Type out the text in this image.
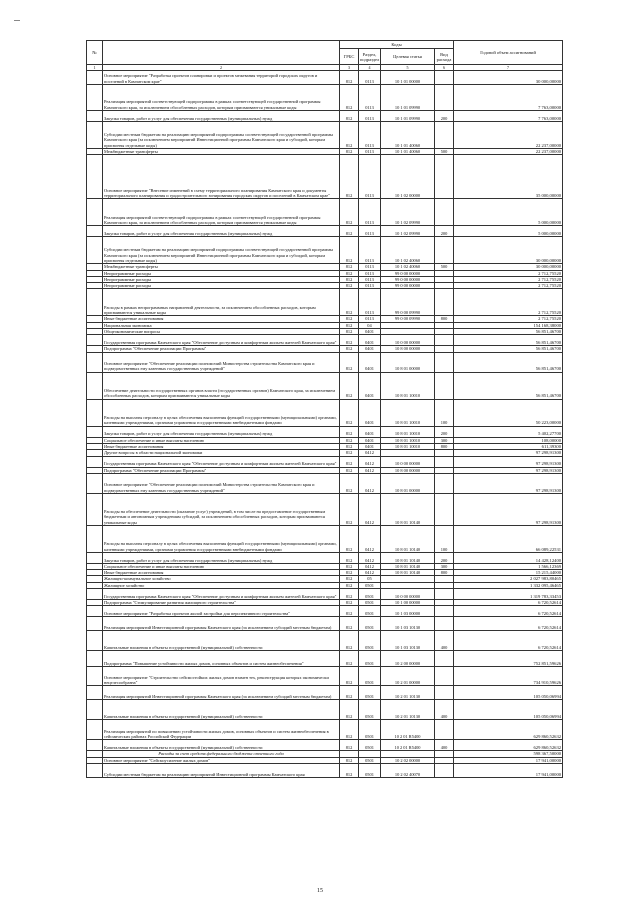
№		Коды				Годовой объем ассигнований
		ГРБС	Раздел, подраздел	Целевая статья	Вид расхода	
1	2	3	4	5	6	7
	Основное мероприятие "Разработка проектов планировки и проектов межевания территорий городских округов и поселений в Камчатском крае"	812	0113	10 1 01 00000		30 000,00000
	Реализация мероприятий соответствующей подпрограммы в рамках соответствующей государственной программы Камчатского края, за исключением обособленных расходов, которым присваиваются уникальные коды	812	0113	10 1 01 09990		7 763,00000
	Закупка товаров, работ и услуг для обеспечения государственных (муниципальных) нужд	812	0113	10 1 01 09990	200	7 763,00000
	Субсидии местным бюджетам на реализацию мероприятий подпрограммы соответствующей государственной программы Камчатского края (за исключением мероприятий Инвестиционной программы Камчатского края и субсидий, которым присвоены отдельные коды)	812	0113	10 1 01 40060		22 237,00000
	Межбюджетные трансферты	812	0113	10 1 01 40060	500	22 237,00000
	Основное мероприятие "Внесение изменений в схему территориального планирования Камчатского края и документы территориального планирования и градостроительного зонирования городских округов и поселений в Камчатском крае"	812	0113	10 1 02 00000		35 000,00000
	Реализация мероприятий соответствующей подпрограммы в рамках соответствующей государственной программы Камчатского края, за исключением обособленных расходов, которым присваиваются уникальные коды	812	0113	10 1 02 09990		5 000,00000
	Закупка товаров, работ и услуг для обеспечения государственных (муниципальных) нужд	812	0113	10 1 02 09990	200	5 000,00000
	Субсидии местным бюджетам на реализацию мероприятий подпрограммы соответствующей государственной программы Камчатского края (за исключением мероприятий Инвестиционной программы Камчатского края и субсидий, которым присвоены отдельные коды)	812	0113	10 1 02 40060		30 000,00000
	Межбюджетные трансферты	812	0113	10 1 02 40060	500	30 000,00000
	Непрограммные расходы	812	0113	99 0 00 00000		2 712,75520
	Непрограммные расходы	812	0113	99 0 00 00000		2 712,75520
	Непрограммные расходы	812	0113	99 0 00 00000		2 712,75520
	Расходы в рамках непрограммных направлений деятельности, за исключением обособленных расходов, которым присваиваются уникальные коды	812	0113	99 0 00 09990		2 712,75520
	Иные бюджетные ассигнования	812	0113	99 0 00 09990	800	2 712,75520
	Национальная экономика	812	04			154 168,38000
	Общеэкономические вопросы	812	0401			56 851,46700
	Государственная программа Камчатского края "Обеспечение доступным и комфортным жильем жителей Камчатского края"	812	0401	10 0 00 00000		56 851,46700
	Подпрограмма "Обеспечение реализации Программы"	812	0401	10 8 00 00000		56 851,46700
	Основное мероприятие "Обеспечение реализации полномочий Министерства строительства Камчатского края и подведомственных ему казенных государственных учреждений"	812	0401	10 8 01 00000		56 851,46700
	Обеспечение деятельности государственных органов власти (государственных органов) Камчатского края, за исключением обособленных расходов, которым присваиваются уникальные коды	812	0401	10 8 01 10010		56 851,46700
	Расходы на выплаты персоналу в целях обеспечения выполнения функций государственными (муниципальными) органами, казенными учреждениями, органами управления государственными внебюджетными фондами	812	0401	10 8 01 10010	100	50 223,00000
	Закупка товаров, работ и услуг для обеспечения государственных (муниципальных) нужд	812	0401	10 8 01 10010	200	5 402,27700
	Социальное обеспечение и иные выплаты населению	812	0401	10 8 01 10010	300	108,00000
	Иные бюджетные ассигнования	812	0401	10 8 01 10010	800	611,39300
	Другие вопросы в области национальной экономики	812	0412			97 298,91300
	Государственная программа Камчатского края "Обеспечение доступным и комфортным жильем жителей Камчатского края"	812	0412	10 0 00 00000		97 298,91300
	Подпрограмма "Обеспечение реализации Программы"	812	0412	10 8 00 00000		97 298,91300
	Основное мероприятие "Обеспечение реализации полномочий Министерства строительства Камчатского края и подведомственных ему казенных государственных учреждений"	812	0412	10 8 01 00000		97 298,91300
	Расходы на обеспечение деятельности (оказание услуг) учреждений, в том числе на предоставление государственным бюджетным и автономным учреждениям субсидий, за исключением обособленных расходов, которым присваиваются уникальные коды	812	0412	10 8 01 10140		97 298,91300
	Расходы на выплаты персоналу в целях обеспечения выполнения функций государственными (муниципальными) органами, казенными учреждениями, органами управления государственными внебюджетными фондами	812	0412	10 8 01 10140	100	66 089,22531
	Закупка товаров, работ и услуг для обеспечения государственных (муниципальных) нужд	812	0412	10 8 01 10140	200	14 428,12400
	Социальное обеспечение и иные выплаты населению	812	0412	10 8 01 10140	300	1 566,12369
	Иные бюджетные ассигнования	812	0412	10 8 01 10140	800	15 215,44000
	Жилищно-коммунальное хозяйство	812	05			2 027 983,80465
	Жилищное хозяйство	812	0501			1 332 095,46465
	Государственная программа Камчатского края "Обеспечение доступным и комфортным жильем жителей Камчатского края"	812	0501	10 0 00 00000		1 319 783,33453
	Подпрограмма "Стимулирование развития жилищного строительства"	812	0501	10 1 00 00000		6 720,52614
	Основное мероприятие "Разработка проектов жилой застройки для перспективного строительства"	812	0501	10 1 03 00000		6 720,52614
	Реализация мероприятий Инвестиционной программы Камчатского края (за исключением субсидий местным бюджетам)	812	0501	10 1 03 10130		6 720,52614
	Капитальные вложения в объекты государственной (муниципальной) собственности	812	0501	10 1 03 10130	400	6 720,52614
	Подпрограмма "Повышение устойчивости жилых домов, основных объектов и систем жизнеобеспечения"	812	0501	10 2 00 00000		752 851,59626
	Основное мероприятие "Строительство сейсмостойких жилых домов взамен тех, реконструкция которых экономически нецелесообразна"	812	0501	10 2 01 00000		734 910,59626
	Реализация мероприятий Инвестиционной программы Камчатского края (за исключением субсидий местным бюджетам)	812	0501	10 2 01 10130		105 050,06994
	Капитальные вложения в объекты государственной (муниципальной) собственности	812	0501	10 2 01 10130	400	105 050,06994
	Реализация мероприятий по повышению устойчивости жилых домов, основных объектов и систем жизнеобеспечения в сейсмических районах Российской Федерации	812	0501	10 2 01 R5400		629 860,52632
	Капитальные вложения в объекты государственной (муниципальной) собственности	812	0501	10 2 01 R5400	400	629 860,52632
	Расходы за счет средств федерального бюджета отчетного года					598 367,50000
	Основное мероприятие "Сейсмоусиление жилых домов"	812	0501	10 2 02 00000		17 941,00000
	Субсидии местным бюджетам на реализацию мероприятий Инвестиционной программы Камчатского края	812	0501	10 2 02 40070		17 941,00000
15
